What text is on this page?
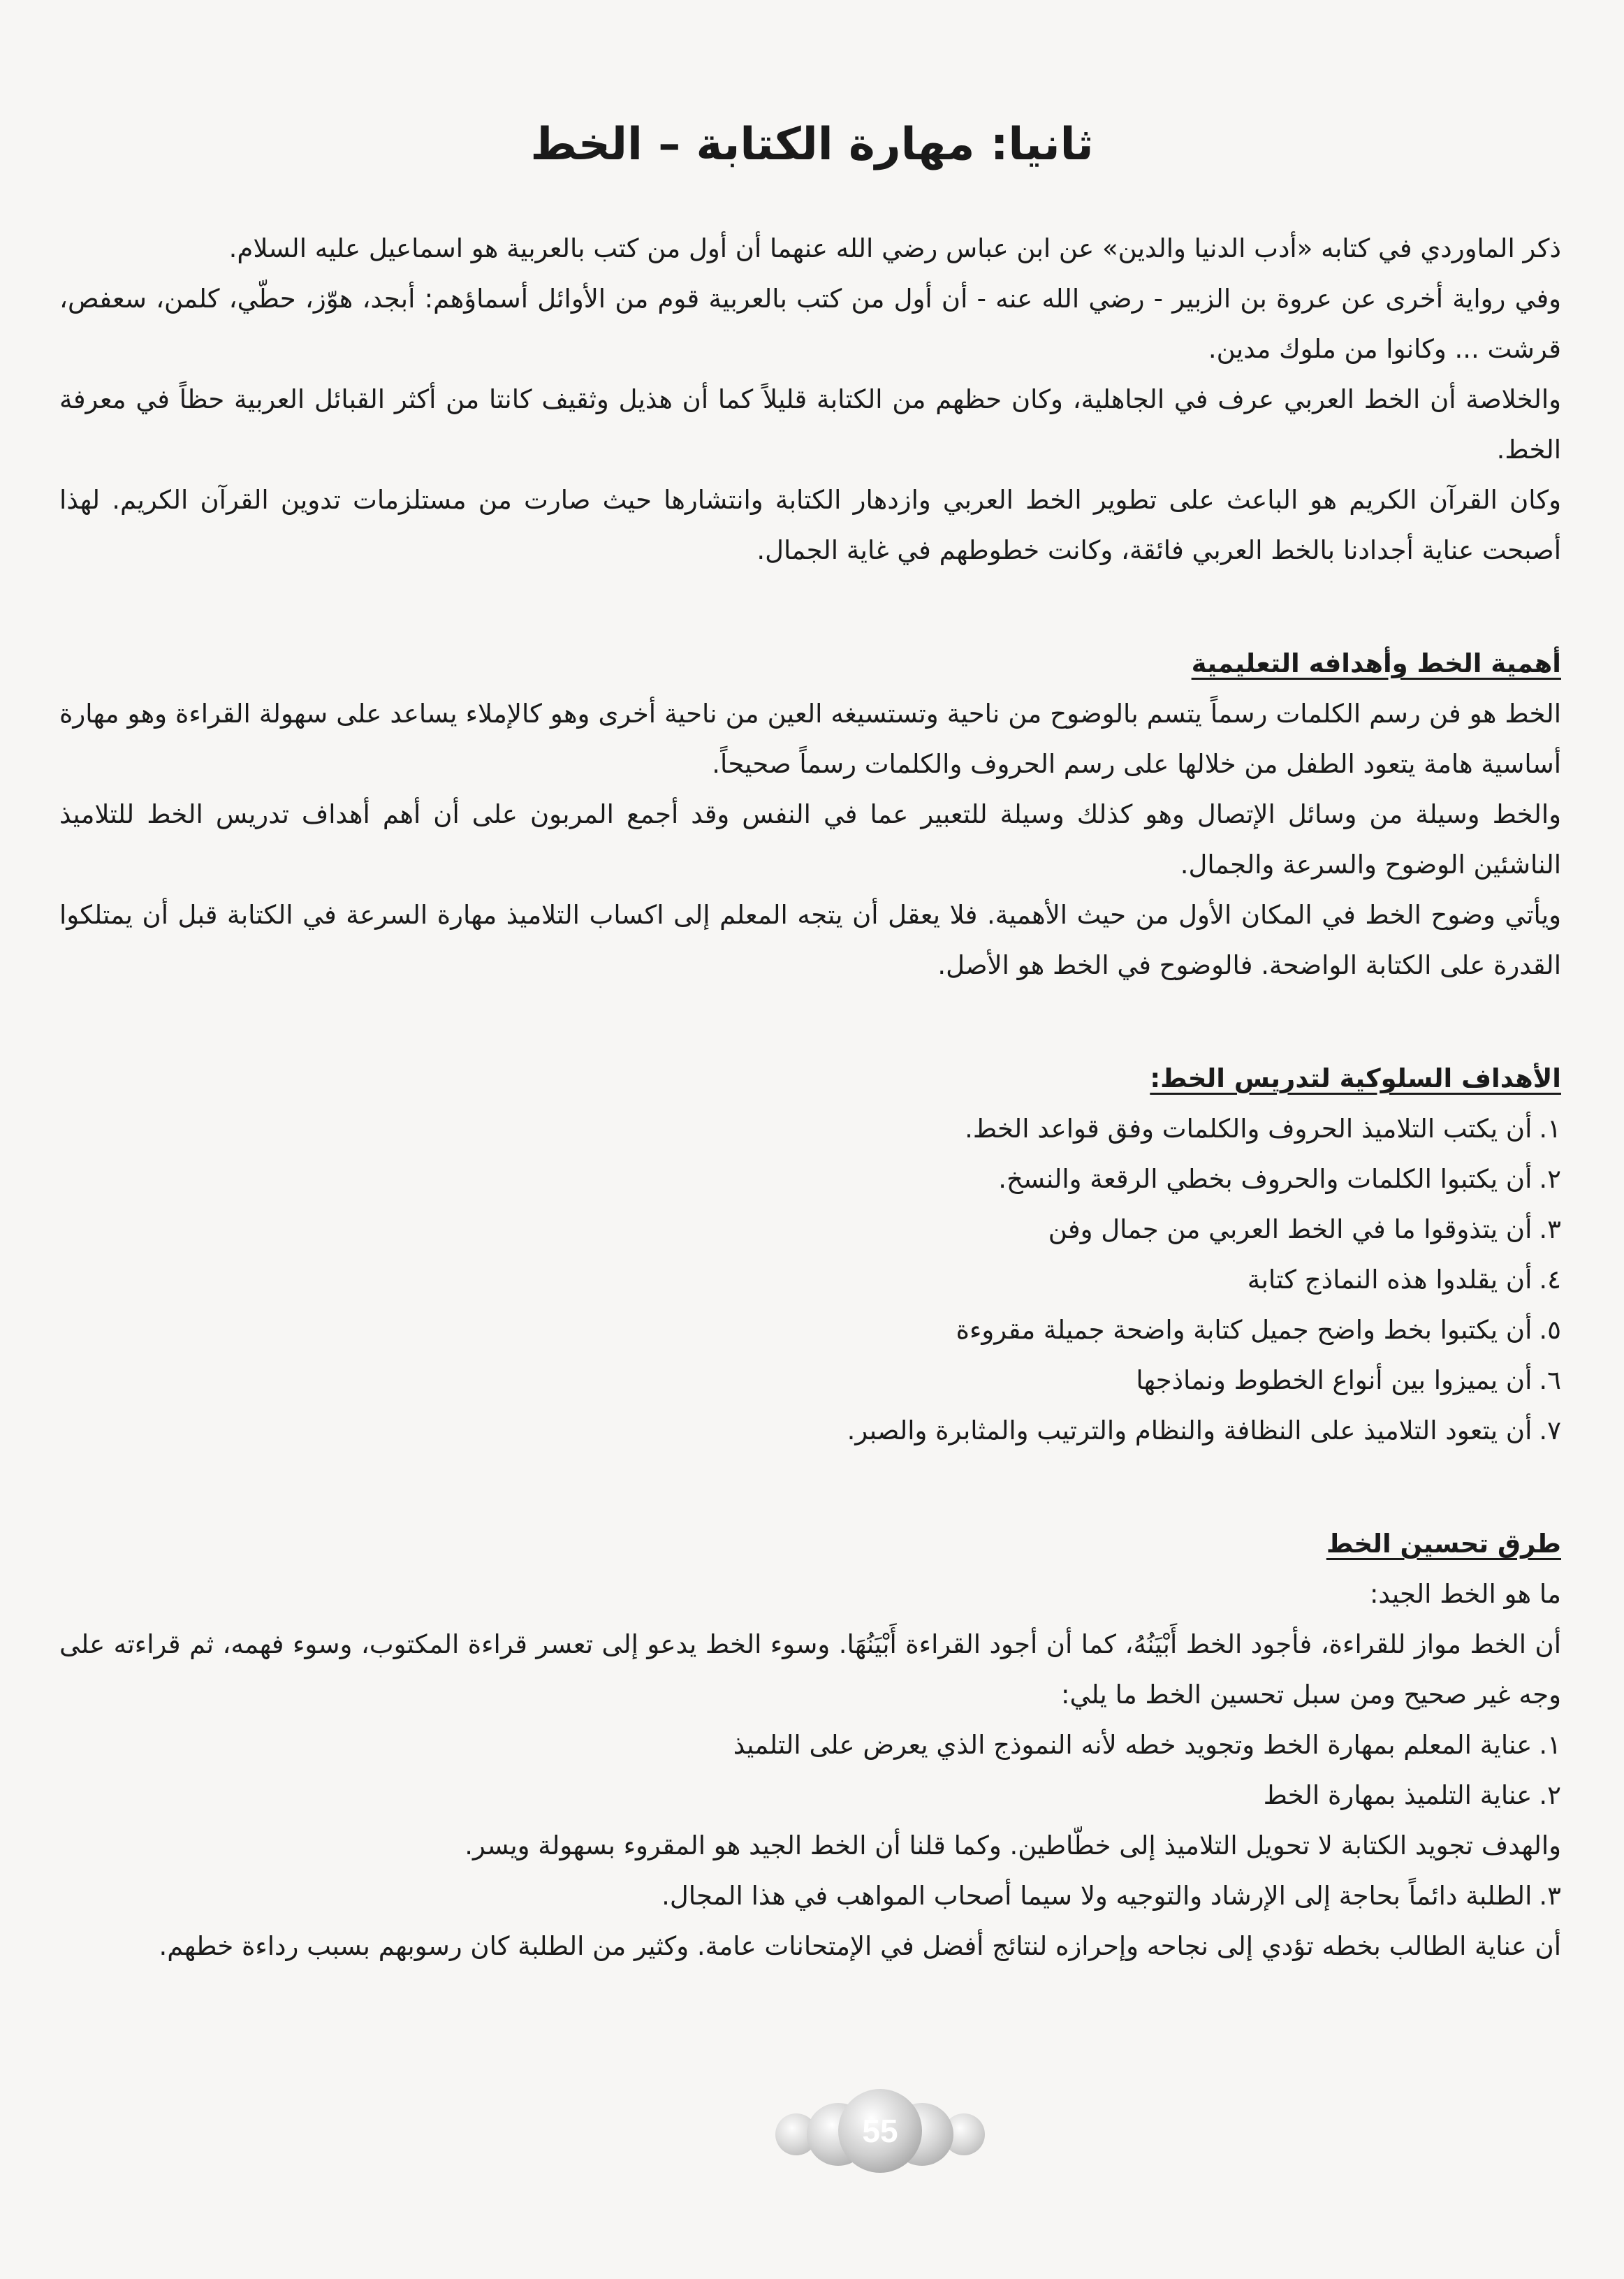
ثانيا: مهارة الكتابة – الخط

ذكر الماوردي في كتابه «أدب الدنيا والدين» عن ابن عباس رضي الله عنهما أن أول من كتب بالعربية هو اسماعيل عليه السلام.

وفي رواية أخرى عن عروة بن الزبير - رضي الله عنه - أن أول من كتب بالعربية قوم من الأوائل أسماؤهم: أبجد، هوّز، حطّي، كلمن، سعفص، قرشت ... وكانوا من ملوك مدين.

والخلاصة أن الخط العربي عرف في الجاهلية، وكان حظهم من الكتابة قليلاً كما أن هذيل وثقيف كانتا من أكثر القبائل العربية حظاً في معرفة الخط.

وكان القرآن الكريم هو الباعث على تطوير الخط العربي وازدهار الكتابة وانتشارها حيث صارت من مستلزمات تدوين القرآن الكريم. لهذا أصبحت عناية أجدادنا بالخط العربي فائقة، وكانت خطوطهم في غاية الجمال.

أهمية الخط وأهدافه التعليمية

الخط هو فن رسم الكلمات رسماً يتسم بالوضوح من ناحية وتستسيغه العين من ناحية أخرى وهو كالإملاء يساعد على سهولة القراءة وهو مهارة أساسية هامة يتعود الطفل من خلالها على رسم الحروف والكلمات رسماً صحيحاً.

والخط وسيلة من وسائل الإتصال وهو كذلك وسيلة للتعبير عما في النفس وقد أجمع المربون على أن أهم أهداف تدريس الخط للتلاميذ الناشئين الوضوح والسرعة والجمال.

ويأتي وضوح الخط في المكان الأول من حيث الأهمية. فلا يعقل أن يتجه المعلم إلى اكساب التلاميذ مهارة السرعة في الكتابة قبل أن يمتلكوا القدرة على الكتابة الواضحة. فالوضوح في الخط هو الأصل.

الأهداف السلوكية لتدريس الخط:

١.أن يكتب التلاميذ الحروف والكلمات وفق قواعد الخط.
٢.أن يكتبوا الكلمات والحروف بخطي الرقعة والنسخ.
٣.أن يتذوقوا ما في الخط العربي من جمال وفن
٤.أن يقلدوا هذه النماذج كتابة
٥.أن يكتبوا بخط واضح جميل كتابة واضحة جميلة مقروءة
٦.أن يميزوا بين أنواع الخطوط ونماذجها
٧.أن يتعود التلاميذ على النظافة والنظام والترتيب والمثابرة والصبر.

طرق تحسين الخط

ما هو الخط الجيد:

أن الخط مواز للقراءة، فأجود الخط أَبْيَنُهُ، كما أن أجود القراءة أَبْيَنُهَا. وسوء الخط يدعو إلى تعسر قراءة المكتوب، وسوء فهمه، ثم قراءته على وجه غير صحيح ومن سبل تحسين الخط ما يلي:

١.عناية المعلم بمهارة الخط وتجويد خطه لأنه النموذج الذي يعرض على التلميذ

٢.عناية التلميذ بمهارة الخط

والهدف تجويد الكتابة لا تحويل التلاميذ إلى خطّاطين. وكما قلنا أن الخط الجيد هو المقروء بسهولة ويسر.

٣.الطلبة دائماً بحاجة إلى الإرشاد والتوجيه ولا سيما أصحاب المواهب في هذا المجال.

أن عناية الطالب بخطه تؤدي إلى نجاحه وإحرازه لنتائج أفضل في الإمتحانات عامة. وكثير من الطلبة كان رسوبهم بسبب رداءة خطهم.

55
